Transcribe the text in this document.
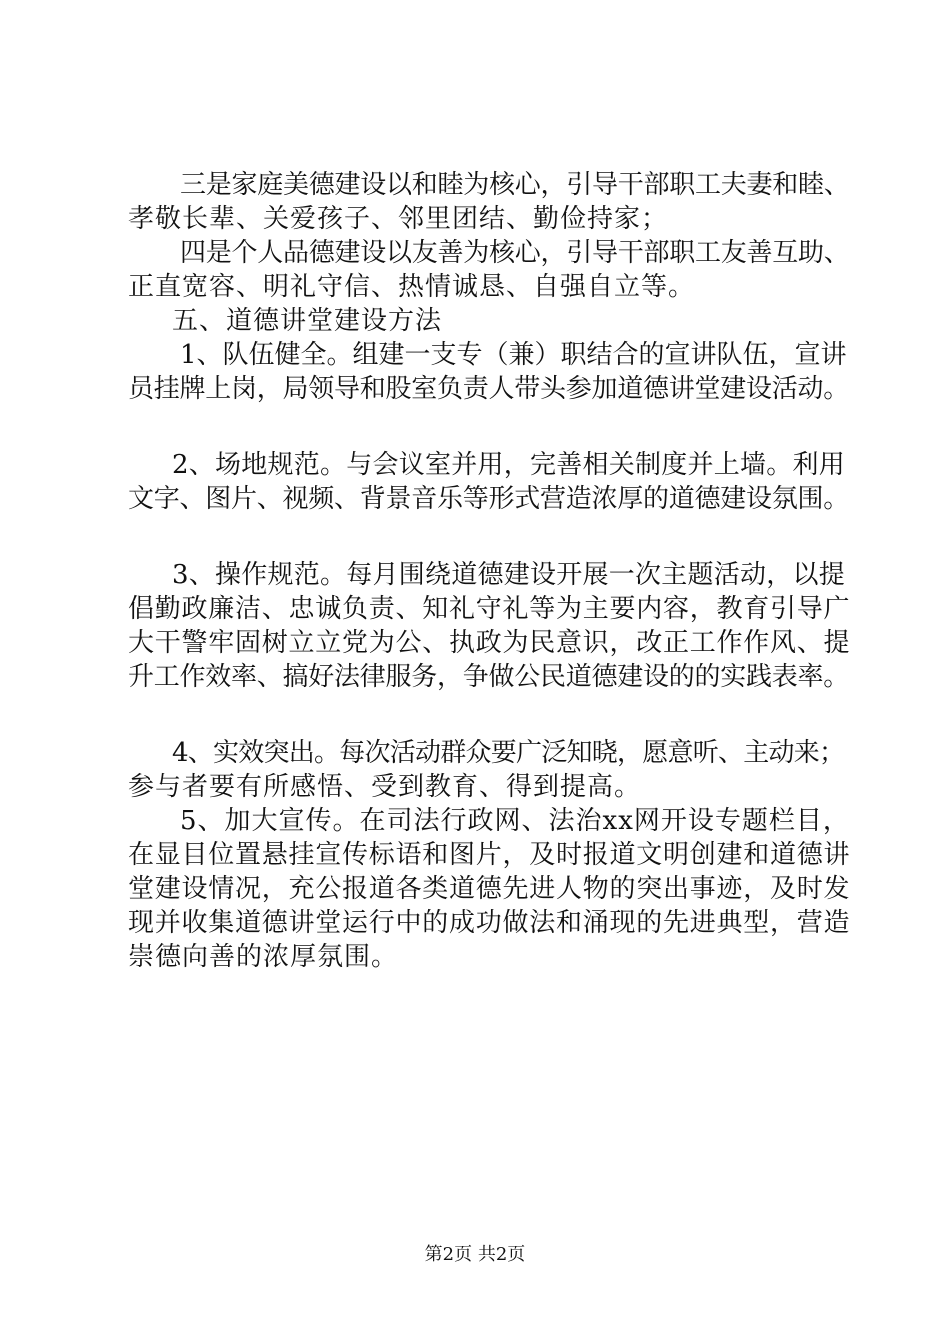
三是家庭美德建设以和睦为核心，引导干部职工夫妻和睦、
孝敬长辈、关爱孩子、邻里团结、勤俭持家；
四是个人品德建设以友善为核心，引导干部职工友善互助、
正直宽容、明礼守信、热情诚恳、自强自立等。
五、道德讲堂建设方法
1、队伍健全。组建一支专（兼）职结合的宣讲队伍，宣讲
员挂牌上岗，局领导和股室负责人带头参加道德讲堂建设活动。
2、场地规范。与会议室并用，完善相关制度并上墙。利用
文字、图片、视频、背景音乐等形式营造浓厚的道德建设氛围。
3、操作规范。每月围绕道德建设开展一次主题活动，以提
倡勤政廉洁、忠诚负责、知礼守礼等为主要内容，教育引导广
大干警牢固树立立党为公、执政为民意识，改正工作作风、提
升工作效率、搞好法律服务，争做公民道德建设的的实践表率。
4、实效突出。每次活动群众要广泛知晓，愿意听、主动来；
参与者要有所感悟、受到教育、得到提高。
5、加大宣传。在司法行政网、法治xx网开设专题栏目，
在显目位置悬挂宣传标语和图片，及时报道文明创建和道德讲
堂建设情况，充公报道各类道德先进人物的突出事迹，及时发
现并收集道德讲堂运行中的成功做法和涌现的先进典型，营造
崇德向善的浓厚氛围。
第2页 共2页
